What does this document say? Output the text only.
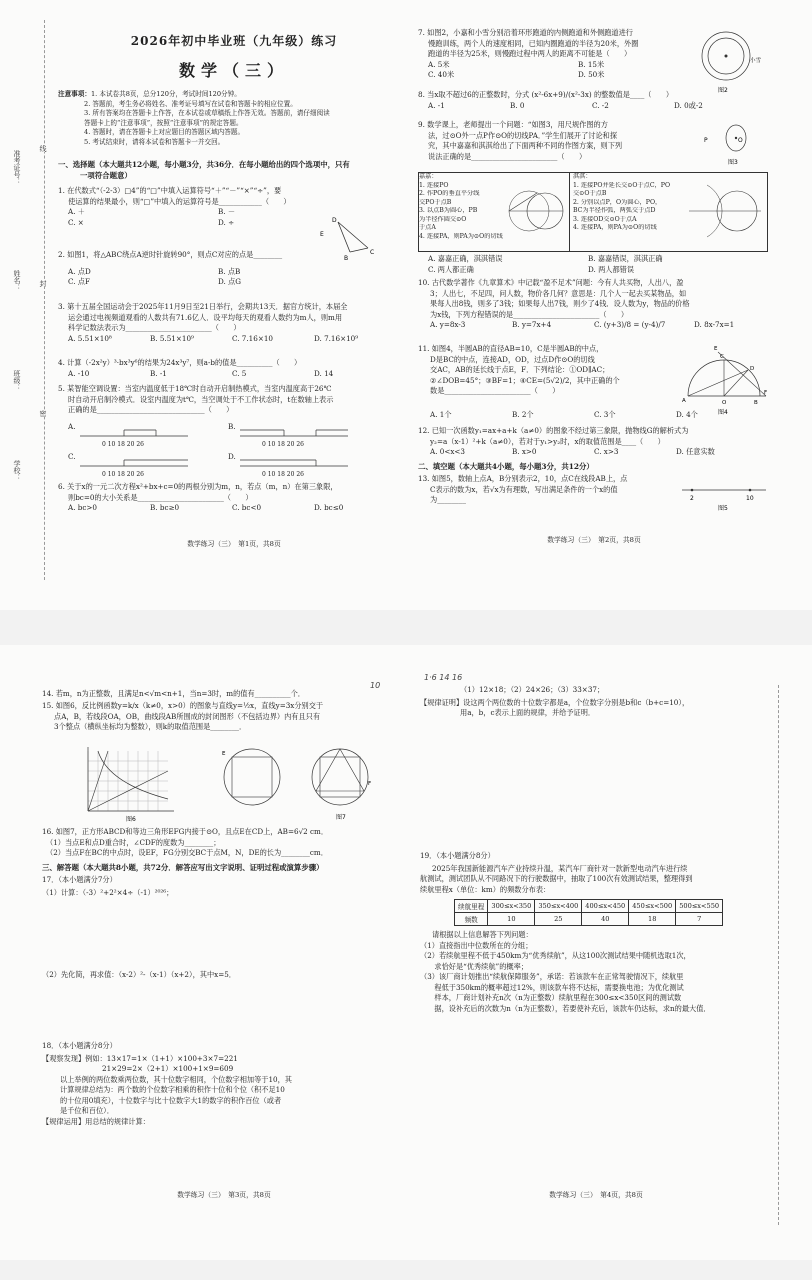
准考证号：
姓名：
班级：
学校：
线
封
密
2026年初中毕业班（九年级）练习
数学（三）
注意事项：1. 本试卷共8页，总分120分，考试时间120分钟。
2. 答题前，考生务必将姓名、准考证号填写在试卷和答题卡的相应位置。
3. 所有答案均在答题卡上作答，在本试卷或草稿纸上作答无效。答题前，请仔细阅读
答题卡上的“注意事项”，按照“注意事项”的规定答题。
4. 答题时，请在答题卡上对应题目的答题区域内答题。
5. 考试结束时，请将本试卷和答题卡一并交回。
一、选择题（本大题共12小题，每小题3分，共36分．在每小题给出的四个选项中，只有
一项符合题意）
1. 在代数式“（-2-3）□4”的“□”中填入运算符号“＋”“－”“×”“÷”，要
使运算的结果最小，则“□”中填入的运算符号是____________（　　）
A. ＋	B. －
C. ×	D. ÷	D
B
C
E
2. 如图1，将△ABC绕点A逆时针旋转90°，则点C对应的点是________
A. 点D	B. 点B
C. 点F	D. 点G
3. 第十五届全国运动会于2025年11月9日至21日举行，会期共13天．据官方统计，本届全
运会通过电视频道观看的人数共有71.6亿人．设平均每天的观看人数约为m人，则m用
科学记数法表示为________________________（　　）
A. 5.51×10⁸	B. 5.51×10⁹	C. 7.16×10	D. 7.16×10⁹
4. 计算（-2x²y）³·bx³y⁶的结果为24x³y⁷，则a-b的值是__________（　　）
A. -10	B. -1	C. 5	D. 14
5. 某智能空调设置：当室内温度低于18℃时自动开启制热模式，当室内温度高于26℃
时自动开启制冷模式．设室内温度为t℃，当空调处于不工作状态时，t在数轴上表示
正确的是______________________________（　　）
A.	B.
C.	D.
0 10 18 20 26	0 10 18 20 26
0 10 18 20 26	0 10 18 20 26
6. 关于x的一元二次方程x²+bx+c=0的两根分别为m，n，若点（m，n）在第三象限，
则bc=0的大小关系是________________________（　　）
A. bc>0	B. bc≥0	C. bc<0	D. bc≤0
数学练习（三）　第1页，共8页
7. 如图2，小嘉和小雪分别沿着环形跑道的内侧跑道和外侧跑道进行
慢跑训练，两个人的速度相同，已知内圈跑道的半径为20米，外圈
跑道的半径为25米，则慢跑过程中两人的距离不可能是（　　）
A. 5米	B. 15米
C. 40米	D. 50米
8. 当x取不超过6的正整数时，分式 (x²-6x+9)/(x²-3x) 的整数值是____（　　）
A. -1	B. 0	C. -2	D. 0或-2
9. 数学课上，老师提出一个问题：“如图3，用尺规作图的方
法，过⊙O外一点P作⊙O的切线PA．”学生们展开了讨论和探
究，其中嘉嘉和淇淇给出了下面两种不同的作图方案，则下列
说法正确的是________________________（　　）
小雪
图2
P	O
图3
嘉嘉：
1. 连接PO
2. 作PO的垂直平分线
交PO于点B
3. 以点B为圆心，PB
为半径作圆交⊙O
于点A
4. 连接PA，则PA为⊙O的切线
淇淇：
1. 连接PO并延长交⊙O于点C，PO
交⊙O于点B
2. 分别以点P，O为圆心，PO，
BC为半径作弧，两弧交于点D
3. 连接OD交⊙O于点A
4. 连接PA，则PA为⊙O的切线
A. 嘉嘉正确，淇淇错误	B. 嘉嘉错误，淇淇正确
C. 两人都正确	D. 两人都错误
10. 古代数学著作《九章算术》中记载“盈不足术”问题：今有人共买物，人出八，盈
3；人出七，不足四，问人数，物价各几何？意思是：几个人一起去买某物品，如
果每人出8钱，则多了3钱；如果每人出7钱，则少了4钱．设人数为y，物品的价格
为x钱，下列方程错误的是________________________（　　）
A. y=8x-3	B. y=7x+4	C. (y+3)/8 = (y-4)/7	D. 8x-7x=1
11. 如图4，半圆AB的直径AB=10，C是半圆AB的中点，
D是BC的中点，连接AD，OD，过点D作⊙O的切线
交AC，AB的延长线于点E，F．下列结论：①OD∥AC；
②∠DOB=45°；③BF=1；④CE=(5√2)/2，其中正确的个
数是________________________（　　）
A	O	B
F
C
E
D
图4
A. 1个	B. 2个	C. 3个	D. 4个
12. 已知一次函数y₁=ax+a+k（a≠0）的图象不经过第三象限，抛物线G的解析式为
y₂=a（x-1）²+k（a≠0），若对于y₁>y₂时，x的取值范围是____（　　）
A. 0<x<3	B. x>0	C. x>3	D. 任意实数
二、填空题（本大题共4小题，每小题3分，共12分）
13. 如图5，数轴上点A，B分别表示2，10，点C在线段AB上，点
C表示的数为x，若√x为有理数，写出满足条件的一个x的值
为________	2	10
图5
数学练习（三）　第2页，共8页
14. 若m，n为正整数，且满足n<√m<n+1，当n=3时，m的值有__________个．
10
15. 如图6，反比例函数y=k/x（k≠0，x>0）的图象与直线y=½x，直线y=3x分别交于
点A，B，若线段OA，OB，曲线段AB所围成的封闭图形（不包括边界）内有且只有
3个整点（横纵坐标均为整数），则k的取值范围是________．
图6
E
F
图7
16. 如图7，正方形ABCD和等边三角形EFG内接于⊙O，且点E在CD上，AB=6√2 cm．
（1）当点E和点D重合时，∠CDF的度数为________；
（2）当点F在BC的中点时，设EF，FG分别交BC于点M，N，DE的长为________cm．
三、解答题（本大题共8小题，共72分．解答应写出文字说明、证明过程或演算步骤）
17．（本小题满分7分）
（1）计算：（-3）²+2²×4÷（-1）²⁰²⁶；
（2）先化简，再求值：（x-2）²-（x-1）（x+2），其中x=5．
18．（本小题满分8分）
【观察发现】例如：13×17=1×（1+1）×100+3×7=221
21×29=2×（2+1）×100+1×9=609
以上举例的两位数乘两位数，其十位数字相同，个位数字相加等于10，其
计算规律总结为：两个数的个位数字相乘的积作十位和个位（积不足10
的十位用0填充），十位数字与比十位数字大1的数字的积作百位（或者
是千位和百位）．
【规律运用】用总结的规律计算：
数学练习（三）　第3页，共8页
1·6 14 16
（1）12×18；（2）24×26；（3）33×37；
【规律证明】设这两个两位数的十位数字都是a，个位数字分别是b和c（b+c=10），
用a，b，c表示上面的规律，并给予证明．
19．（本小题满分8分）
2025年我国新能源汽车产业持续升温，某汽车厂商针对一款新型电动汽车进行续
航测试，测试团队从不同路况下的行驶数据中，抽取了100次有效测试结果，整理得到
续航里程x（单位：km）的频数分布表：
续航里程	300≤x<350	350≤x<400	400≤x<450	450≤x<500	500≤x<550
频数	10	25	40	18	7
请根据以上信息解答下列问题：
（1）直接指出中位数所在的分组；
（2）若续航里程不低于450km为“优秀续航”，从这100次测试结果中随机选取1次，
　　求恰好是“优秀续航”的概率；
（3）该厂商计划推出“续航保障服务”，承诺：若该款车在正常驾驶情况下，续航里
　　程低于350km的概率超过12%，则该款车将不达标，需要换电池；为优化测试
　　样本，厂商计划补充n次（n为正整数）续航里程在300≤x<350区间的测试数
　　据，设补充后的次数为n（n为正整数），若要使补充后，该款车仍达标，求n的最大值．
数学练习（三）　第4页，共8页
